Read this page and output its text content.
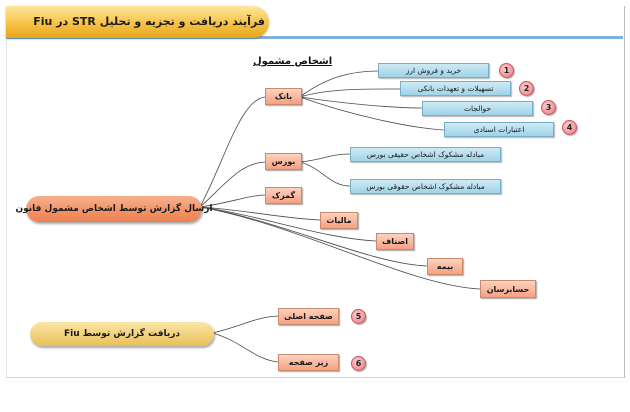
فرآیند دریافت و تجزیه و تحلیل STR در Fiu
اشخاص مشمول
ارسال گزارش توسط اشخاص مشمول قانون
دریافت گزارش توسط Fiu
بانک
بورس
گمرک
مالیات
اصناف
بیمه
حسابرسان
خرید و فروش ارز	1
تسهیلات و تعهدات بانکی	2
حوالجات	3
اعتبارات اسنادی	4
مبادله مشکوک اشخاص حقیقی بورس
مبادله مشکوک اشخاص حقوقی بورس
صفحه اصلی	5
زیر صفحه	6
